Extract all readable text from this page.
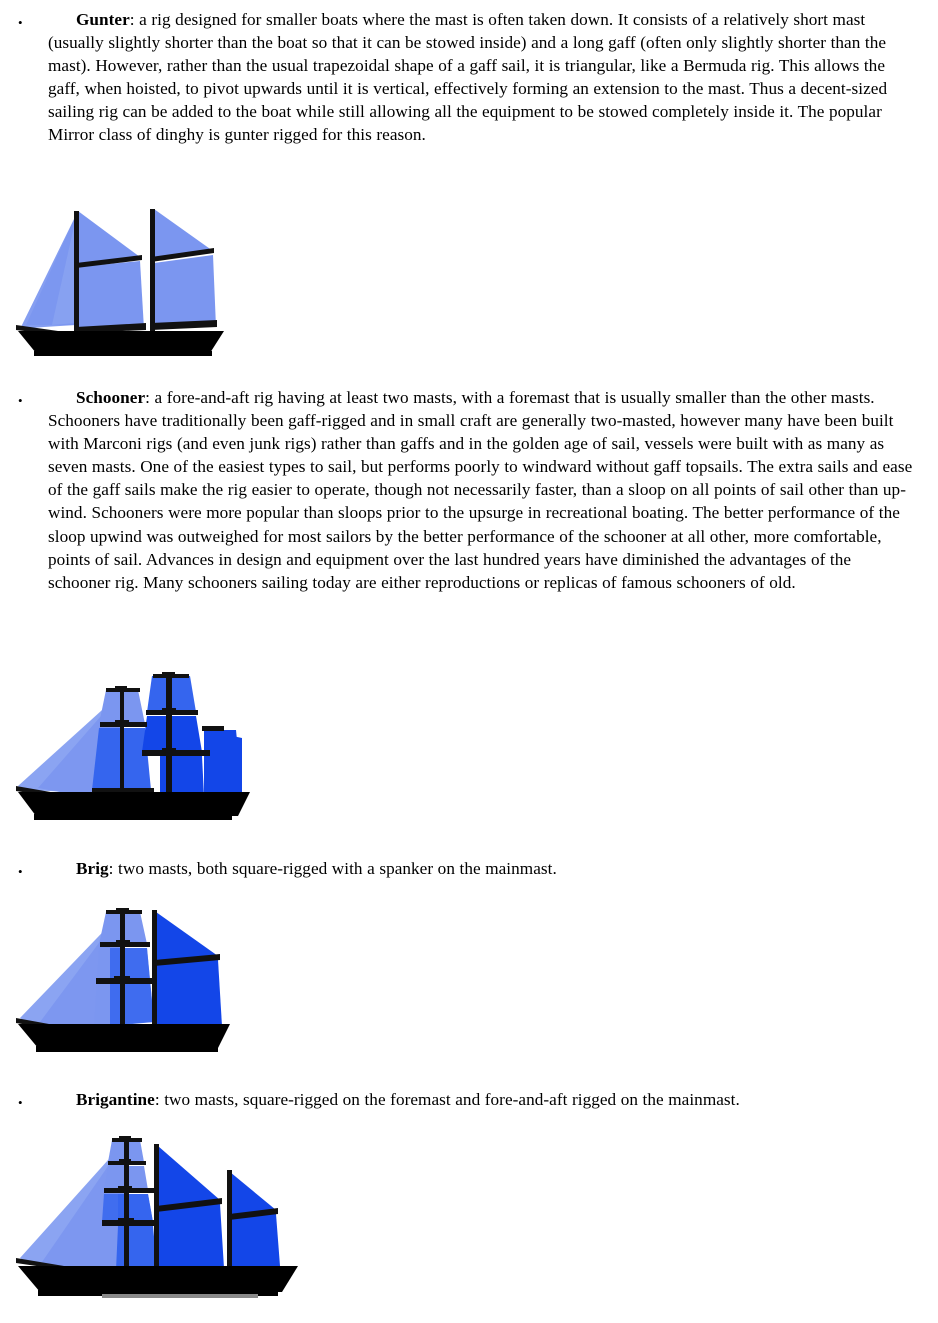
•

Gunter: a rig designed for smaller boats where the mast is often taken down. It consists of a relatively short mast (usually slightly shorter than the boat so that it can be stowed inside) and a long gaff (often only slightly shorter than the mast). However, rather than the usual trapezoidal shape of a gaff sail, it is triangular, like a Bermuda rig. This allows the gaff, when hoisted, to pivot upwards until it is vertical, effectively forming an extension to the mast. Thus a decent-sized sailing rig can be added to the boat while still allowing all the equipment to be stowed completely inside it. The popular Mirror class of dinghy is gunter rigged for this reason.

•

Schooner: a fore-and-aft rig having at least two masts, with a foremast that is usually smaller than the other masts. Schooners have traditionally been gaff-rigged and in small craft are generally two-masted, however many have been built with Marconi rigs (and even junk rigs) rather than gaffs and in the golden age of sail, vessels were built with as many as seven masts. One of the easiest types to sail, but performs poorly to windward without gaff topsails. The extra sails and ease of the gaff sails make the rig easier to operate, though not necessarily faster, than a sloop on all points of sail other than up-wind. Schooners were more popular than sloops prior to the upsurge in recreational boating. The better performance of the sloop upwind was outweighed for most sailors by the better performance of the schooner at all other, more comfortable, points of sail. Advances in design and equipment over the last hundred years have diminished the advantages of the schooner rig. Many schooners sailing today are either reproductions or replicas of famous schooners of old.

•

Brig: two masts, both square-rigged with a spanker on the mainmast.

•

Brigantine: two masts, square-rigged on the foremast and fore-and-aft rigged on the mainmast.
